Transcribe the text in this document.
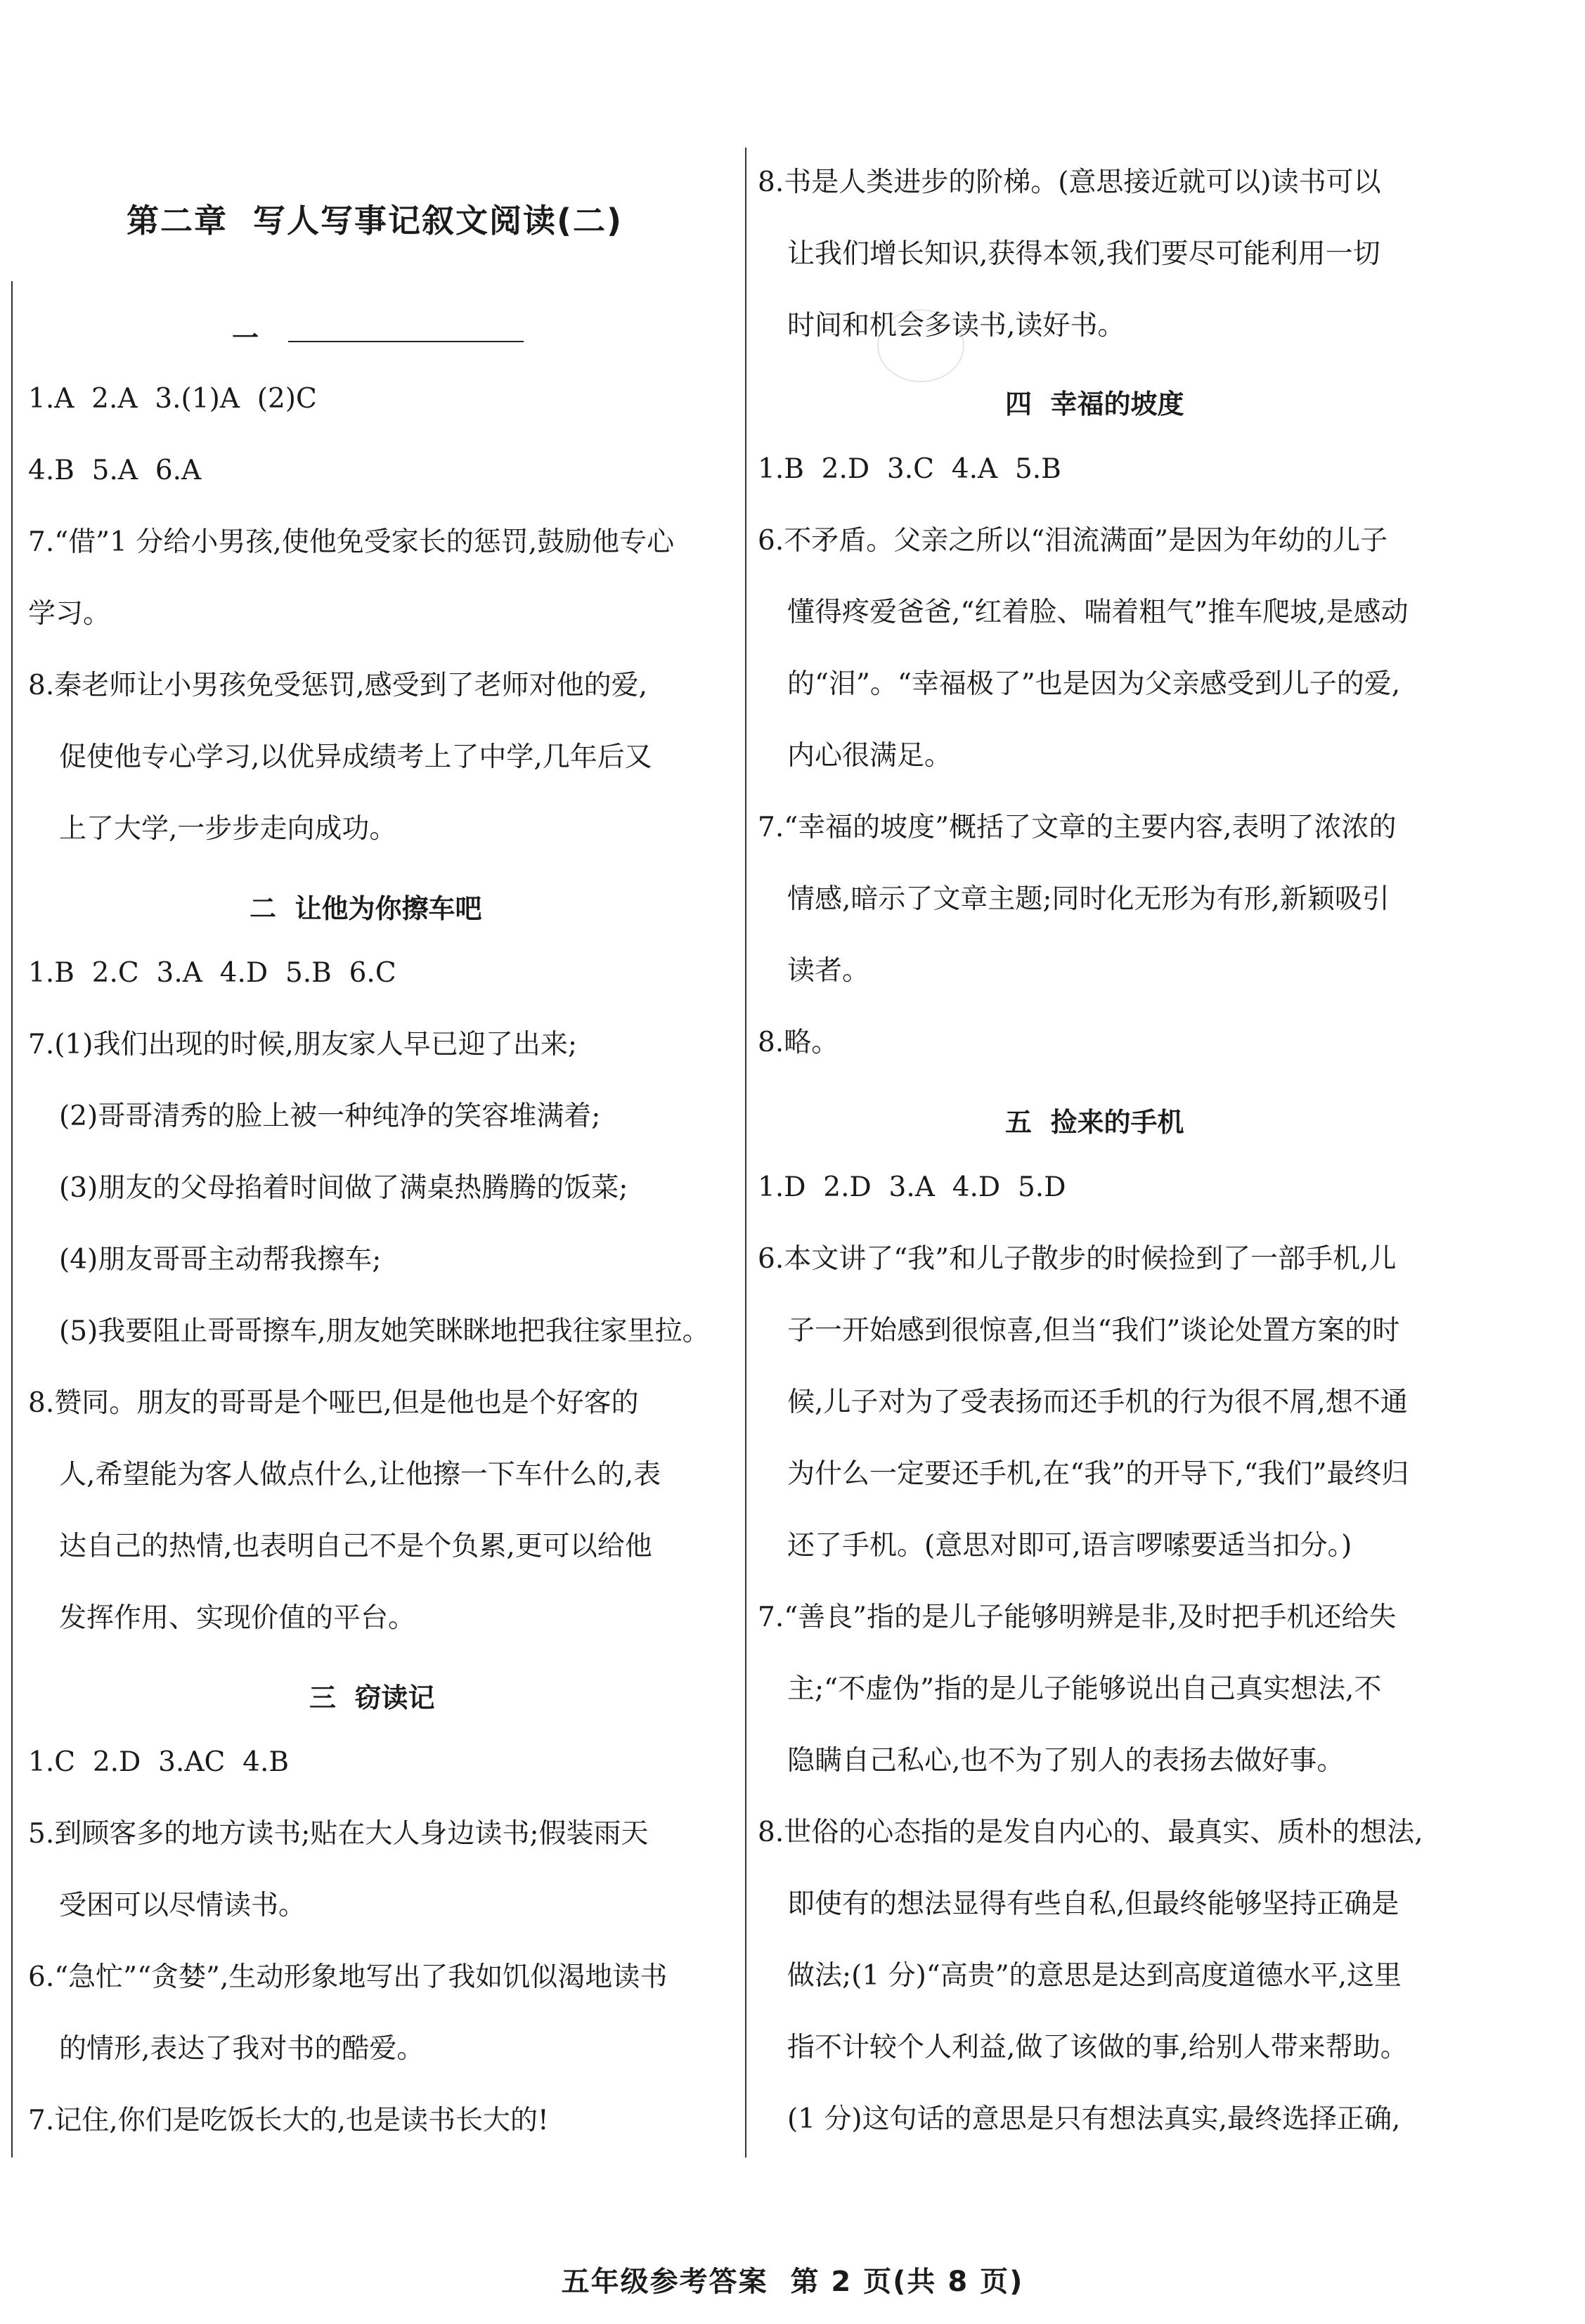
第二章  写人写事记叙文阅读(二)
一
1.A  2.A  3.(1)A  (2)C
4.B  5.A  6.A
7.“借”1 分给小男孩,使他免受家长的惩罚,鼓励他专心
学习。
8.秦老师让小男孩免受惩罚,感受到了老师对他的爱,
促使他专心学习,以优异成绩考上了中学,几年后又
上了大学,一步步走向成功。
二  让他为你擦车吧
1.B  2.C  3.A  4.D  5.B  6.C
7.(1)我们出现的时候,朋友家人早已迎了出来;
(2)哥哥清秀的脸上被一种纯净的笑容堆满着;
(3)朋友的父母掐着时间做了满桌热腾腾的饭菜;
(4)朋友哥哥主动帮我擦车;
(5)我要阻止哥哥擦车,朋友她笑眯眯地把我往家里拉。
8.赞同。朋友的哥哥是个哑巴,但是他也是个好客的
人,希望能为客人做点什么,让他擦一下车什么的,表
达自己的热情,也表明自己不是个负累,更可以给他
发挥作用、实现价值的平台。
三  窃读记
1.C  2.D  3.AC  4.B
5.到顾客多的地方读书;贴在大人身边读书;假装雨天
受困可以尽情读书。
6.“急忙”“贪婪”,生动形象地写出了我如饥似渴地读书
的情形,表达了我对书的酷爱。
7.记住,你们是吃饭长大的,也是读书长大的!
8.书是人类进步的阶梯。(意思接近就可以)读书可以
让我们增长知识,获得本领,我们要尽可能利用一切
时间和机会多读书,读好书。
四  幸福的坡度
1.B  2.D  3.C  4.A  5.B
6.不矛盾。父亲之所以“泪流满面”是因为年幼的儿子
懂得疼爱爸爸,“红着脸、喘着粗气”推车爬坡,是感动
的“泪”。“幸福极了”也是因为父亲感受到儿子的爱,
内心很满足。
7.“幸福的坡度”概括了文章的主要内容,表明了浓浓的
情感,暗示了文章主题;同时化无形为有形,新颖吸引
读者。
8.略。
五  捡来的手机
1.D  2.D  3.A  4.D  5.D
6.本文讲了“我”和儿子散步的时候捡到了一部手机,儿
子一开始感到很惊喜,但当“我们”谈论处置方案的时
候,儿子对为了受表扬而还手机的行为很不屑,想不通
为什么一定要还手机,在“我”的开导下,“我们”最终归
还了手机。(意思对即可,语言啰嗦要适当扣分。)
7.“善良”指的是儿子能够明辨是非,及时把手机还给失
主;“不虚伪”指的是儿子能够说出自己真实想法,不
隐瞒自己私心,也不为了别人的表扬去做好事。
8.世俗的心态指的是发自内心的、最真实、质朴的想法,
即使有的想法显得有些自私,但最终能够坚持正确是
做法;(1 分)“高贵”的意思是达到高度道德水平,这里
指不计较个人利益,做了该做的事,给别人带来帮助。
(1 分)这句话的意思是只有想法真实,最终选择正确,
五年级参考答案  第 2 页(共 8 页)
